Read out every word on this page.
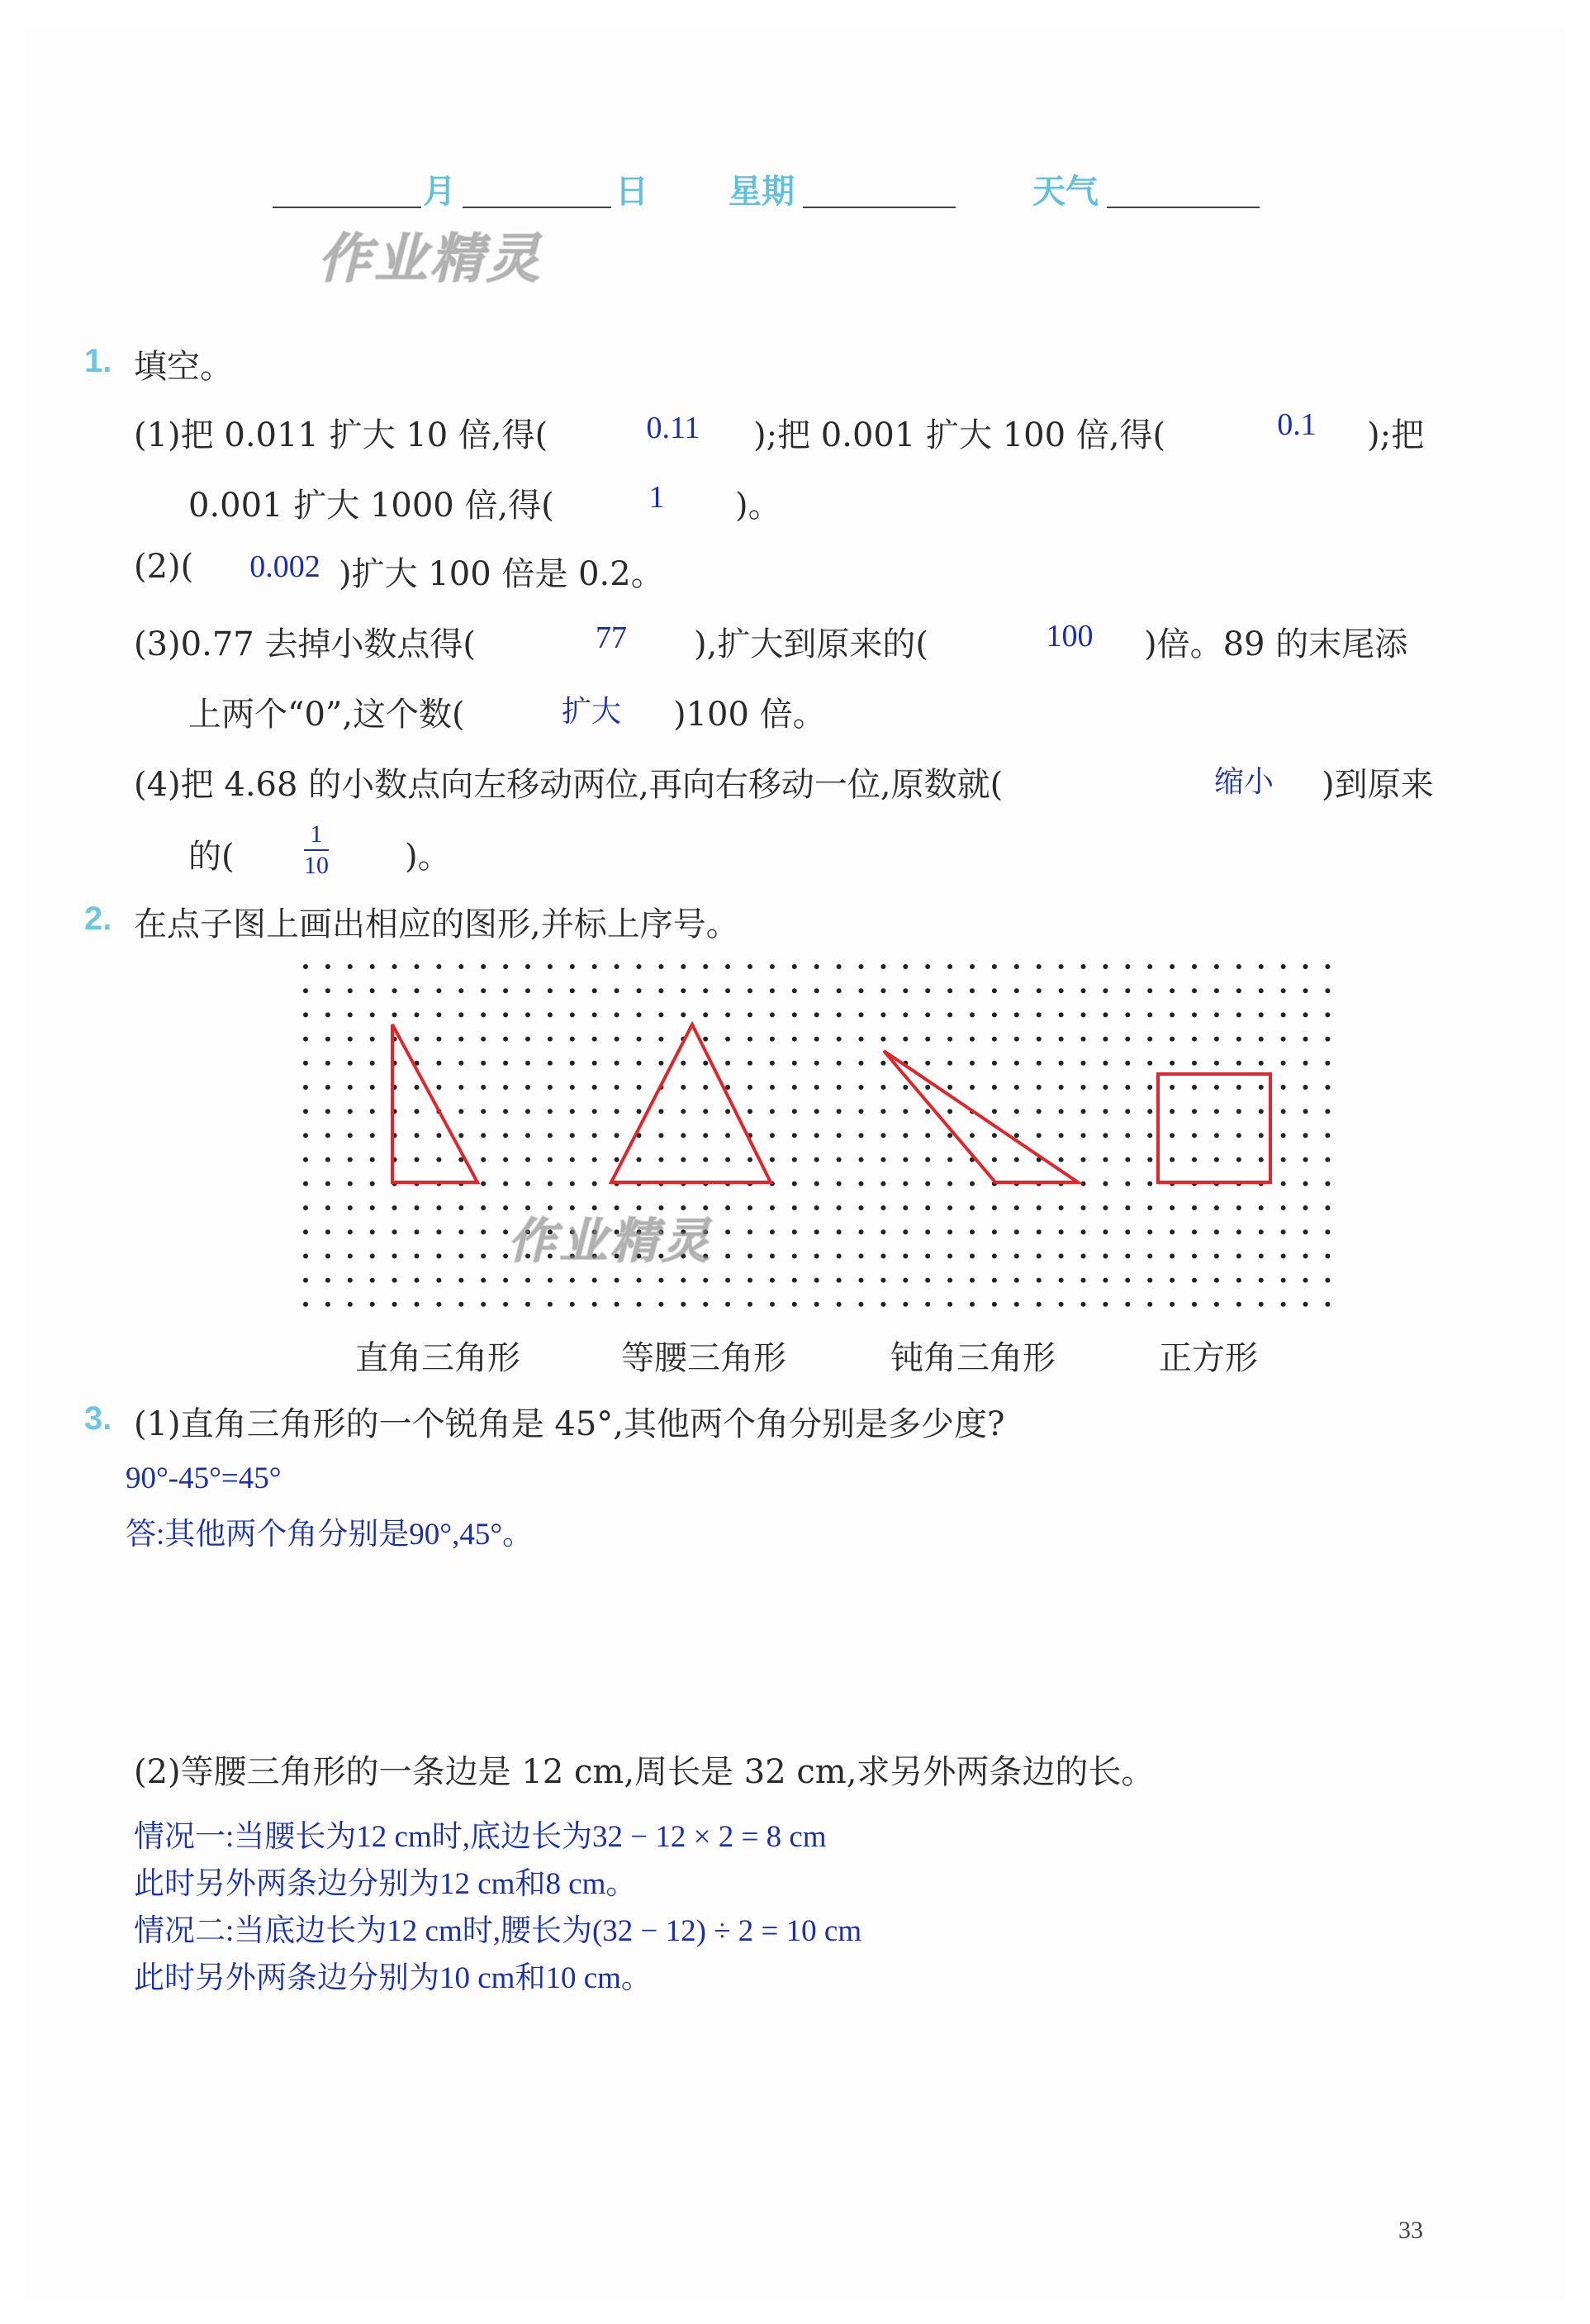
月	日 星期	天气
作业精灵
1. 填空。
(1)把 0.011 扩大 10 倍,得(	0.11	);把 0.001 扩大 100 倍,得(	0.1	);把
0.001 扩大 1000 倍,得(	1	)。
(2)(	0.002 )扩大 100 倍是 0.2。
(3)0.77 去掉小数点得(	77	),扩大到原来的(	100	)倍。89 的末尾添
上两个“0”,这个数(	扩大 )100 倍。
(4)把 4.68 的小数点向左移动两位,再向右移动一位,原数就(	缩小 )到原来
的(	$\frac{1}{10}$ )。
2. 在点子图上画出相应的图形,并标上序号。
作业精灵
直角三角形	等腰三角形	钝角三角形	正方形
3. (1)直角三角形的一个锐角是 45°,其他两个角分别是多少度?
90°-45°=45°
答:其他两个角分别是90°,45°。
(2)等腰三角形的一条边是 12 cm,周长是 32 cm,求另外两条边的长。
情况一:当腰长为12 cm时,底边长为32 − 12 × 2 = 8 cm
此时另外两条边分别为12 cm和8 cm。
情况二:当底边长为12 cm时,腰长为(32 − 12) ÷ 2 = 10 cm
此时另外两条边分别为10 cm和10 cm。
33
